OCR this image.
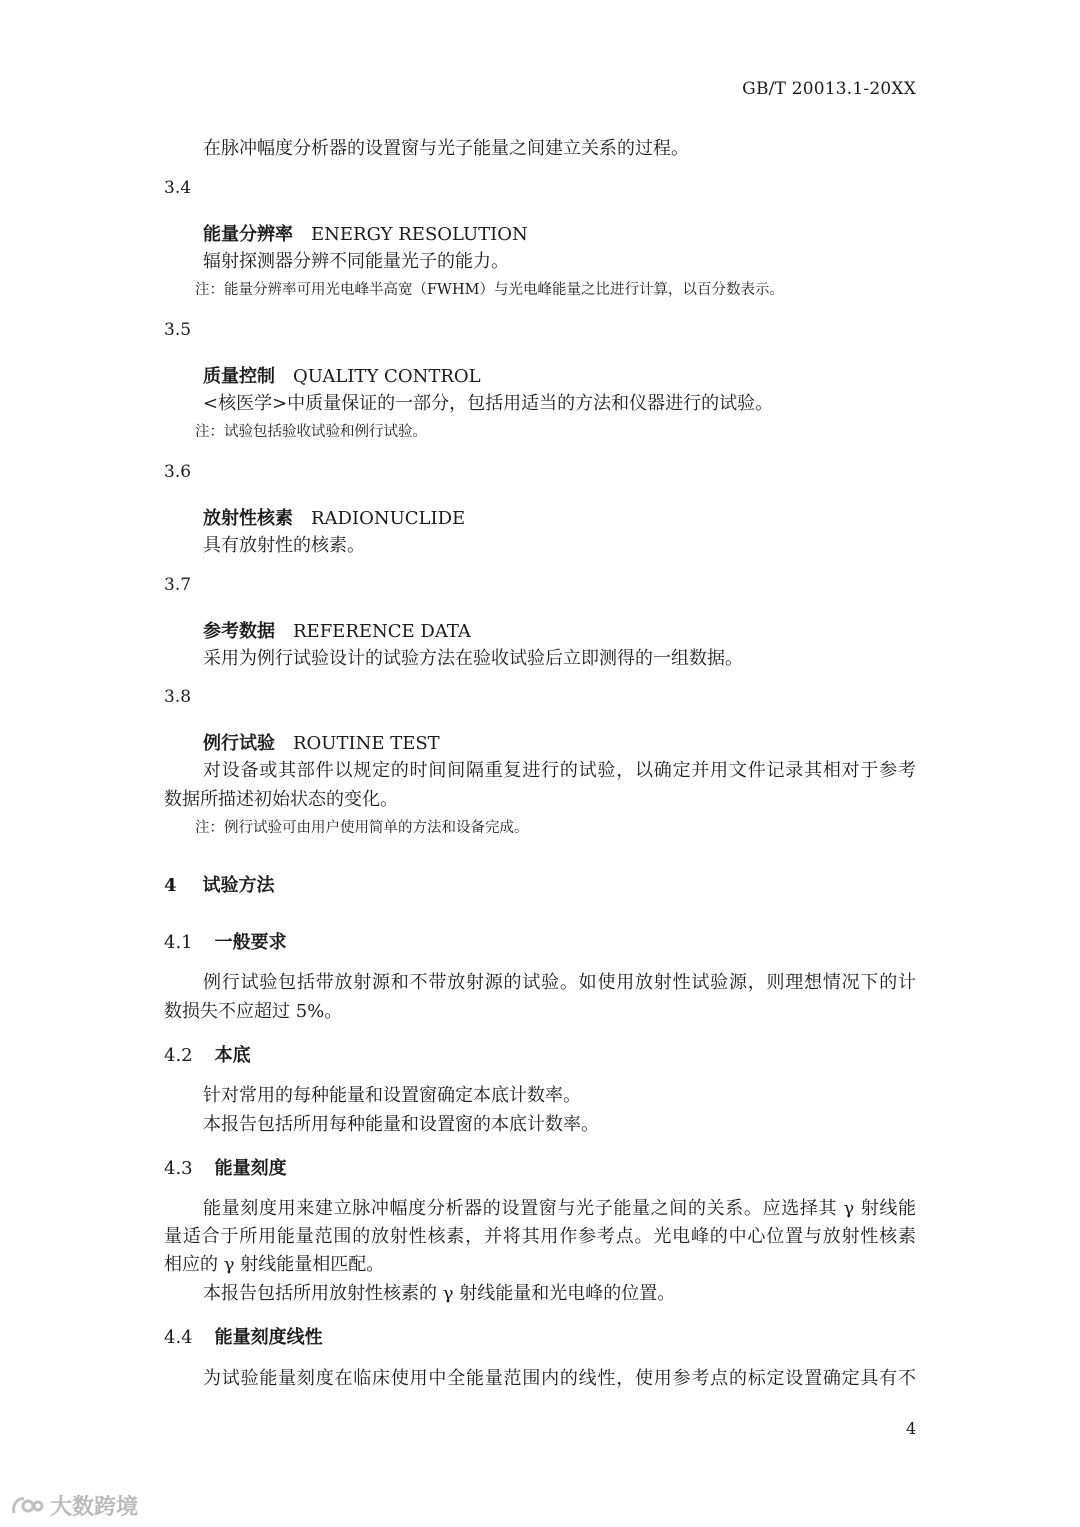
GB/T 20013.1-20XX
在脉冲幅度分析器的设置窗与光子能量之间建立关系的过程。
3.4
能量分辨率 ENERGY RESOLUTION
辐射探测器分辨不同能量光子的能力。
注：能量分辨率可用光电峰半高宽（FWHM）与光电峰能量之比进行计算，以百分数表示。
3.5
质量控制 QUALITY CONTROL
<核医学>中质量保证的一部分，包括用适当的方法和仪器进行的试验。
注：试验包括验收试验和例行试验。
3.6
放射性核素 RADIONUCLIDE
具有放射性的核素。
3.7
参考数据 REFERENCE DATA
采用为例行试验设计的试验方法在验收试验后立即测得的一组数据。
3.8
例行试验 ROUTINE TEST
对设备或其部件以规定的时间间隔重复进行的试验，以确定并用文件记录其相对于参考
数据所描述初始状态的变化。
注：例行试验可由用户使用简单的方法和设备完成。
4 试验方法
4.1 一般要求
例行试验包括带放射源和不带放射源的试验。如使用放射性试验源，则理想情况下的计
数损失不应超过 5%。
4.2 本底
针对常用的每种能量和设置窗确定本底计数率。
本报告包括所用每种能量和设置窗的本底计数率。
4.3 能量刻度
能量刻度用来建立脉冲幅度分析器的设置窗与光子能量之间的关系。应选择其 γ 射线能
量适合于所用能量范围的放射性核素，并将其用作参考点。光电峰的中心位置与放射性核素
相应的 γ 射线能量相匹配。
本报告包括所用放射性核素的 γ 射线能量和光电峰的位置。
4.4 能量刻度线性
为试验能量刻度在临床使用中全能量范围内的线性，使用参考点的标定设置确定具有不
4
大数跨境
